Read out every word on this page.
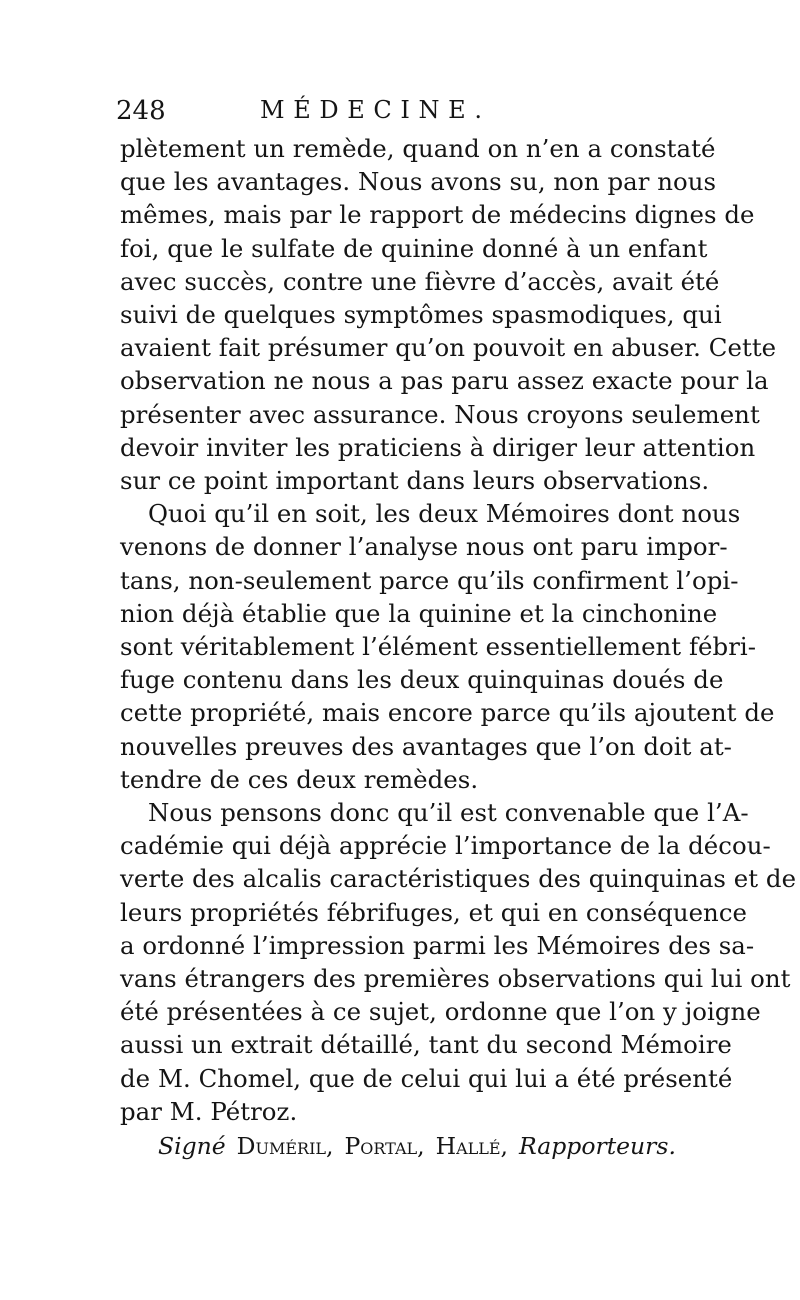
248	MÉDECINE.
plètement un remède, quand on n’en a constaté
que les avantages. Nous avons su, non par nous
mêmes, mais par le rapport de médecins dignes de
foi, que le sulfate de quinine donné à un enfant
avec succès, contre une fièvre d’accès, avait été
suivi de quelques symptômes spasmodiques, qui
avaient fait présumer qu’on pouvoit en abuser. Cette
observation ne nous a pas paru assez exacte pour la
présenter avec assurance. Nous croyons seulement
devoir inviter les praticiens à diriger leur attention
sur ce point important dans leurs observations.
Quoi qu’il en soit, les deux Mémoires dont nous
venons de donner l’analyse nous ont paru impor-
tans, non-seulement parce qu’ils confirment l’opi-
nion déjà établie que la quinine et la cinchonine
sont véritablement l’élément essentiellement fébri-
fuge contenu dans les deux quinquinas doués de
cette propriété, mais encore parce qu’ils ajoutent de
nouvelles preuves des avantages que l’on doit at-
tendre de ces deux remèdes.
Nous pensons donc qu’il est convenable que l’A-
cadémie qui déjà apprécie l’importance de la décou-
verte des alcalis caractéristiques des quinquinas et de
leurs propriétés fébrifuges, et qui en conséquence
a ordonné l’impression parmi les Mémoires des sa-
vans étrangers des premières observations qui lui ont
été présentées à ce sujet, ordonne que l’on y joigne
aussi un extrait détaillé, tant du second Mémoire
de M. Chomel, que de celui qui lui a été présenté
par M. Pétroz.
Signé Duméril, Portal, Hallé, Rapporteurs.
